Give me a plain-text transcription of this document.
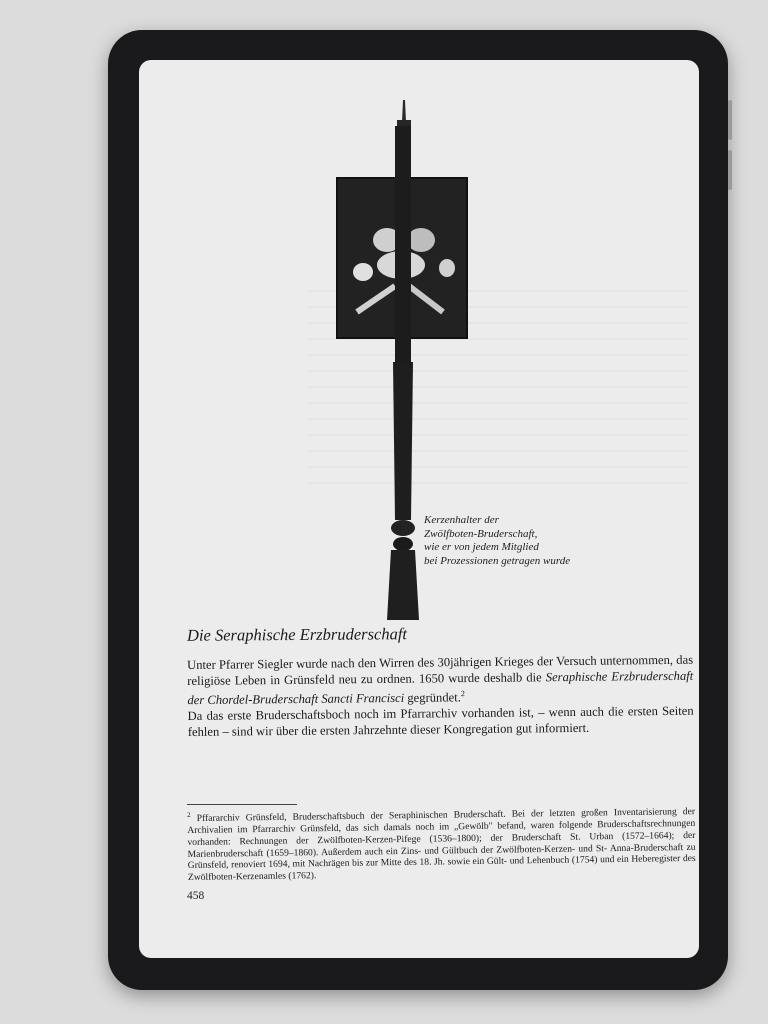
Kerzenhalter der
Zwölfboten-Bruderschaft,
wie er von jedem Mitglied
bei Prozessionen getragen wurde
Die Seraphische Erzbruderschaft

Unter Pfarrer Siegler wurde nach den Wirren des 30jährigen Krieges der Versuch unternommen, das religiöse Leben in Grünsfeld neu zu ordnen. 1650 wurde deshalb die Seraphische Erzbruderschaft der Chordel-Bruderschaft Sancti Francisci gegründet.$^2$

Da das erste Bruderschaftsboch noch im Pfarrarchiv vorhanden ist, – wenn auch die ersten Seiten fehlen – sind wir über die ersten Jahrzehnte dieser Kongregation gut informiert.

$^2$ Pffararchiv Grünsfeld, Bruderschaftsbuch der Seraphinischen Bruderschaft. Bei der letzten großen Inventarisierung der Archivalien im Pfarrarchiv Grünsfeld, das sich damals noch im „Gewölb" befand, waren folgende Bruderschaftsrechnungen vorhanden: Rechnungen der Zwölfboten-Kerzen-Pifege (1536–1800); der Bruderschaft St. Urban (1572–1664); der Marienbruderschaft (1659–1860). Außerdem auch ein Zins- und Gültbuch der Zwölfboten-Kerzen- und St- Anna-Bruderschaft zu Grünsfeld, renoviert 1694, mit Nachrägen bis zur Mitte des 18. Jh. sowie ein Gült- und Lehenbuch (1754) und ein Heberegister des Zwölfboten-Kerzenamles (1762).
458
